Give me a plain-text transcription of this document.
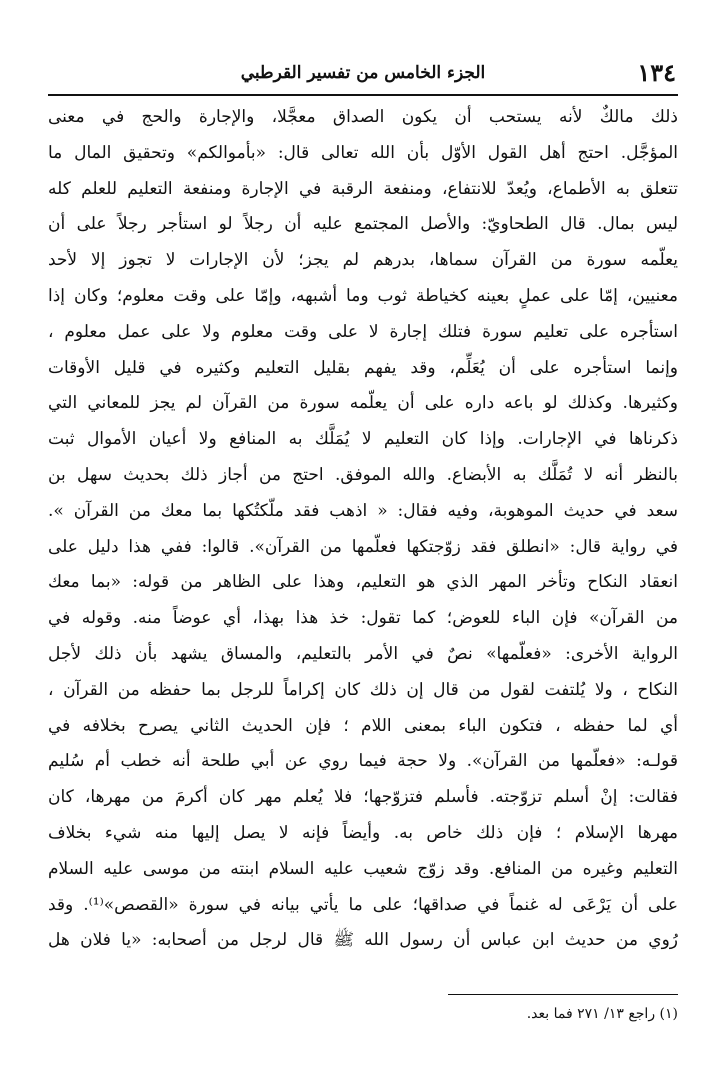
١٣٤
الجزء الخامس من تفسير القرطبي
ذلك مالكٌ لأنه يستحب أن يكون الصداق معجَّلا، والإجارة والحج في معنى
المؤجَّل. احتج أهل القول الأوّل بأن الله تعالى قال: «بأموالكم» وتحقيق المال ما
تتعلق به الأطماع، ويُعدّ للانتفاع، ومنفعة الرقبة في الإجارة ومنفعة التعليم للعلم كله
ليس بمال. قال الطحاويّ: والأصل المجتمع عليه أن رجلاً لو استأجر رجلاً على أن
يعلّمه سورة من القرآن سماها، بدرهم لم يجز؛ لأن الإجارات لا تجوز إلا لأحد
معنيين، إمّا على عملٍ بعينه كخياطة ثوب وما أشبهه، وإمّا على وقت معلوم؛ وكان إذا
استأجره على تعليم سورة فتلك إجارة لا على وقت معلوم ولا على عمل معلوم ،
وإنما استأجره على أن يُعَلِّم، وقد يفهم بقليل التعليم وكثيره في قليل الأوقات
وكثيرها. وكذلك لو باعه داره على أن يعلّمه سورة من القرآن لم يجز للمعاني التي
ذكرناها في الإجارات. وإذا كان التعليم لا يُمَلَّك به المنافع ولا أعيان الأموال ثبت
بالنظر أنه لا تُمَلَّك به الأبضاع. والله الموفق. احتج من أجاز ذلك بحديث سهل بن
سعد في حديث الموهوبة، وفيه فقال: « اذهب فقد ملّكتُكها بما معك من القرآن ».
في رواية قال: «انطلق فقد زوّجتكها فعلّمها من القرآن». قالوا: ففي هذا دليل على
انعقاد النكاح وتأخر المهر الذي هو التعليم، وهذا على الظاهر من قوله: «بما معك
من القرآن» فإن الباء للعوض؛ كما تقول: خذ هذا بهذا، أي عوضاً منه. وقوله في
الرواية الأخرى: «فعلّمها» نصٌ في الأمر بالتعليم، والمساق يشهد بأن ذلك لأجل
النكاح ، ولا يُلتفت لقول من قال إن ذلك كان إكراماً للرجل بما حفظه من القرآن ،
أي لما حفظه ، فتكون الباء بمعنى اللام ؛ فإن الحديث الثاني يصرح بخلافه في
قولـه: «فعلّمها من القرآن». ولا حجة فيما روي عن أبي طلحة أنه خطب أم سُليم
فقالت: إنْ أسلم تزوّجته. فأسلم فتزوّجها؛ فلا يُعلم مهر كان أكرمَ من مهرها، كان
مهرها الإسلام ؛ فإن ذلك خاص به. وأيضاً فإنه لا يصل إليها منه شيء بخلاف
التعليم وغيره من المنافع. وقد زوّج شعيب عليه السلام ابنته من موسى عليه السلام
على أن يَرْعَى له غنماً في صداقها؛ على ما يأتي بيانه في سورة «القصص»⁽¹⁾. وقد
رُوي من حديث ابن عباس أن رسول الله ﷺ قال لرجل من أصحابه: «يا فلان هل
(١) راجع ١٣/ ٢٧١ فما بعد.
